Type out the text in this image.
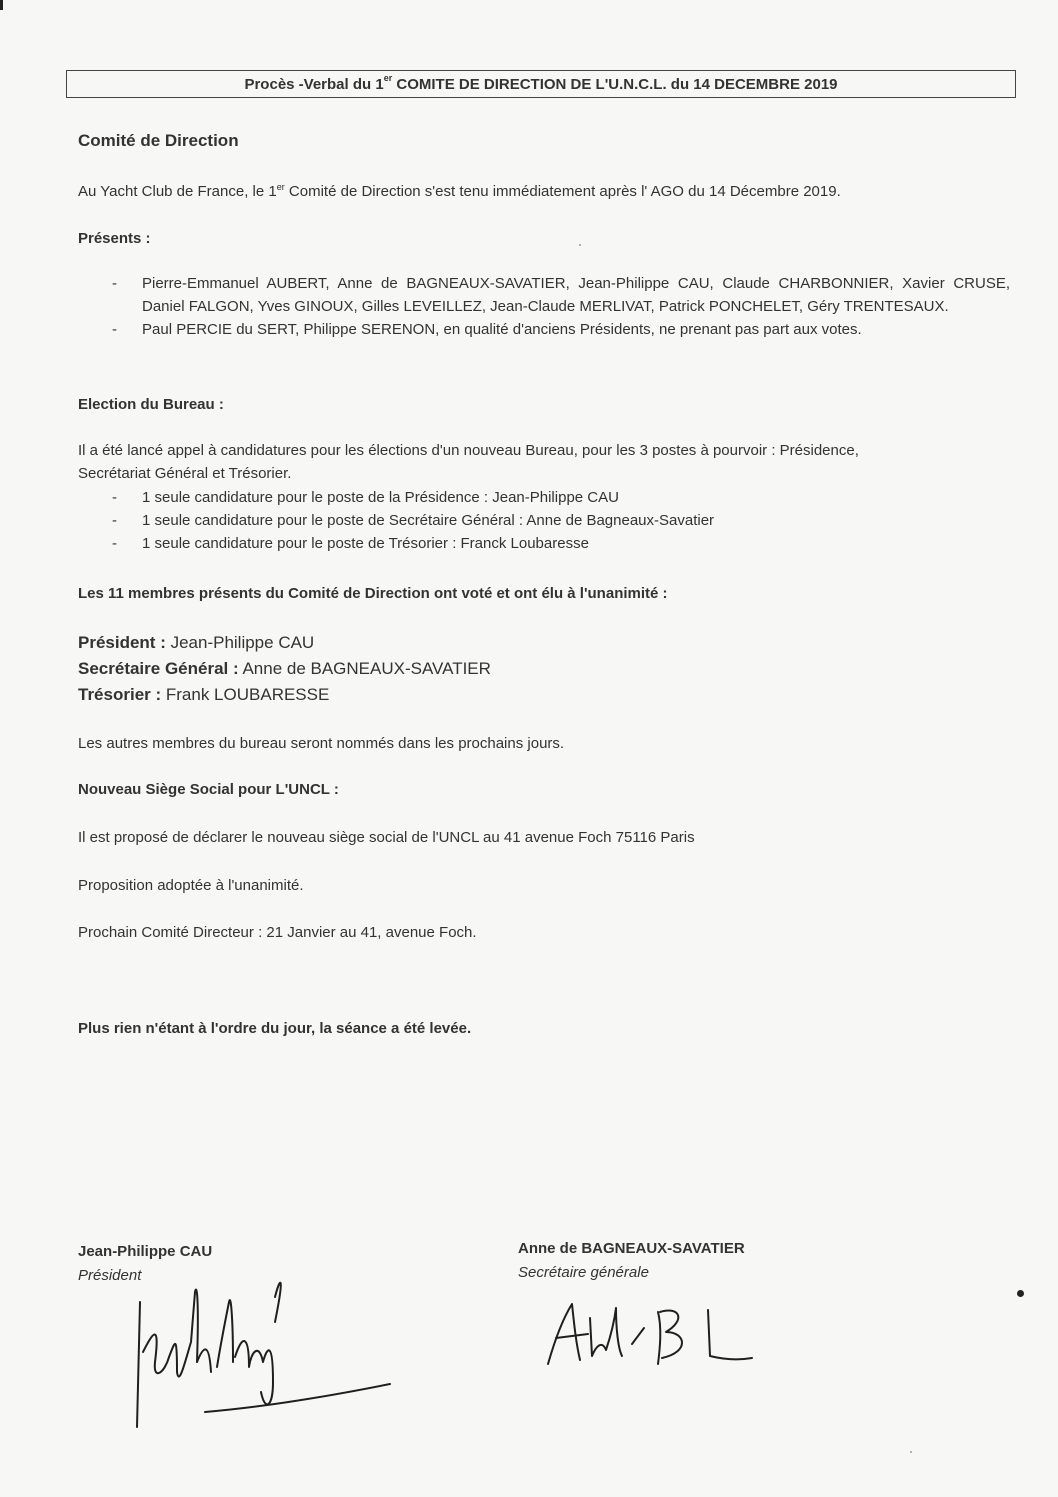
Procès -Verbal du 1er COMITE DE DIRECTION DE L'U.N.C.L. du 14 DECEMBRE 2019
Comité de Direction
Au Yacht Club de France, le 1er Comité de Direction s'est tenu immédiatement après l' AGO du 14 Décembre 2019.
Présents :
- Pierre-Emmanuel AUBERT, Anne de BAGNEAUX-SAVATIER, Jean-Philippe CAU, Claude CHARBONNIER, Xavier CRUSE, Daniel FALGON, Yves GINOUX, Gilles LEVEILLEZ, Jean-Claude MERLIVAT, Patrick PONCHELET, Géry TRENTESAUX.
- Paul PERCIE du SERT, Philippe SERENON, en qualité d'anciens Présidents, ne prenant pas part aux votes.
Election du Bureau :
Il a été lancé appel à candidatures pour les élections d'un nouveau Bureau, pour les 3 postes à pourvoir : Présidence, Secrétariat Général et Trésorier.
- 1 seule candidature pour le poste de la Présidence : Jean-Philippe CAU
- 1 seule candidature pour le poste de Secrétaire Général : Anne de Bagneaux-Savatier
- 1 seule candidature pour le poste de Trésorier : Franck Loubaresse
Les 11 membres présents du Comité de Direction ont voté et ont élu à l'unanimité :
Président : Jean-Philippe CAU
Secrétaire Général : Anne de BAGNEAUX-SAVATIER
Trésorier : Frank LOUBARESSE
Les autres membres du bureau seront nommés dans les prochains jours.
Nouveau Siège Social pour L'UNCL :
Il est proposé de déclarer le nouveau siège social de l'UNCL au 41 avenue Foch 75116 Paris
Proposition adoptée à l'unanimité.
Prochain Comité Directeur : 21 Janvier au 41, avenue Foch.
Plus rien n'étant à l'ordre du jour, la séance a été levée.
Jean-Philippe CAU
Président
Anne de BAGNEAUX-SAVATIER
Secrétaire générale
